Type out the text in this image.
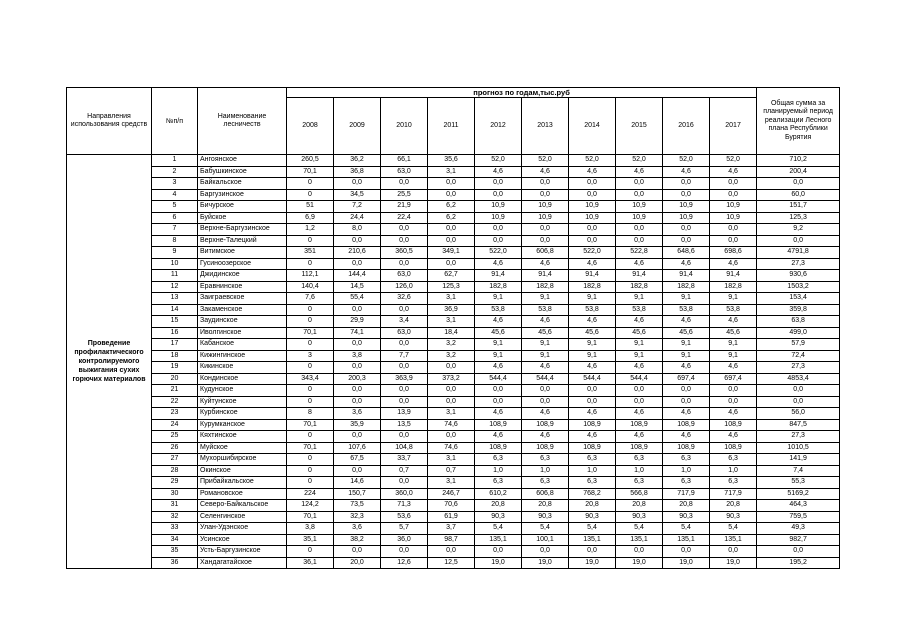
Направления использования средств	№п/п	Наименование лесничеств	прогноз по годам,тыс.руб										Общая сумма за планируемый период реализации Лесного плана Республики Бурятия
			2008	2009	2010	2011	2012	2013	2014	2015	2016	2017	
Проведение профилактического контролируемого выжигания сухих горючих материалов	1	Ангоянское	260,5	36,2	66,1	35,6	52,0	52,0	52,0	52,0	52,0	52,0	710,2
	2	Бабушкинское	70,1	36,8	63,0	3,1	4,6	4,6	4,6	4,6	4,6	4,6	200,4
	3	Байкальское	0	0,0	0,0	0,0	0,0	0,0	0,0	0,0	0,0	0,0	0,0
	4	Баргузинское	0	34,5	25,5	0,0	0,0	0,0	0,0	0,0	0,0	0,0	60,0
	5	Бичурское	51	7,2	21,9	6,2	10,9	10,9	10,9	10,9	10,9	10,9	151,7
	6	Буйское	6,9	24,4	22,4	6,2	10,9	10,9	10,9	10,9	10,9	10,9	125,3
	7	Верхне-Баргузинское	1,2	8,0	0,0	0,0	0,0	0,0	0,0	0,0	0,0	0,0	9,2
	8	Верхне-Талецкий	0	0,0	0,0	0,0	0,0	0,0	0,0	0,0	0,0	0,0	0,0
	9	Витимское	351	210,6	360,5	349,1	522,0	606,8	522,0	522,8	648,6	698,6	4791,8
	10	Гусиноозерское	0	0,0	0,0	0,0	4,6	4,6	4,6	4,6	4,6	4,6	27,3
	11	Джидинское	112,1	144,4	63,0	62,7	91,4	91,4	91,4	91,4	91,4	91,4	930,6
	12	Еравнинское	140,4	14,5	126,0	125,3	182,8	182,8	182,8	182,8	182,8	182,8	1503,2
	13	Заиграевское	7,6	55,4	32,6	3,1	9,1	9,1	9,1	9,1	9,1	9,1	153,4
	14	Закаменское	0	0,0	0,0	36,9	53,8	53,8	53,8	53,8	53,8	53,8	359,8
	15	Заудинское	0	29,9	3,4	3,1	4,6	4,6	4,6	4,6	4,6	4,6	63,8
	16	Иволгинское	70,1	74,1	63,0	18,4	45,6	45,6	45,6	45,6	45,6	45,6	499,0
	17	Кабанское	0	0,0	0,0	3,2	9,1	9,1	9,1	9,1	9,1	9,1	57,9
	18	Кижингинское	3	3,8	7,7	3,2	9,1	9,1	9,1	9,1	9,1	9,1	72,4
	19	Кикинское	0	0,0	0,0	0,0	4,6	4,6	4,6	4,6	4,6	4,6	27,3
	20	Кондинское	343,4	200,3	363,9	373,2	544,4	544,4	544,4	544,4	697,4	697,4	4853,4
	21	Кудунское	0	0,0	0,0	0,0	0,0	0,0	0,0	0,0	0,0	0,0	0,0
	22	Куйтунское	0	0,0	0,0	0,0	0,0	0,0	0,0	0,0	0,0	0,0	0,0
	23	Курбинское	8	3,6	13,9	3,1	4,6	4,6	4,6	4,6	4,6	4,6	56,0
	24	Курумканское	70,1	35,9	13,5	74,6	108,9	108,9	108,9	108,9	108,9	108,9	847,5
	25	Кяхтинское	0	0,0	0,0	0,0	4,6	4,6	4,6	4,6	4,6	4,6	27,3
	26	Муйское	70,1	107,6	104,8	74,6	108,9	108,9	108,9	108,9	108,9	108,9	1010,5
	27	Мухоршибирское	0	67,5	33,7	3,1	6,3	6,3	6,3	6,3	6,3	6,3	141,9
	28	Окинское	0	0,0	0,7	0,7	1,0	1,0	1,0	1,0	1,0	1,0	7,4
	29	Прибайкальское	0	14,6	0,0	3,1	6,3	6,3	6,3	6,3	6,3	6,3	55,3
	30	Романовское	224	150,7	360,0	246,7	610,2	606,8	768,2	566,8	717,9	717,9	5169,2
	31	Северо-Байкальское	124,2	73,5	71,3	70,6	20,8	20,8	20,8	20,8	20,8	20,8	464,3
	32	Селенгинское	70,1	32,3	53,6	61,9	90,3	90,3	90,3	90,3	90,3	90,3	759,5
	33	Улан-Удэнское	3,8	3,6	5,7	3,7	5,4	5,4	5,4	5,4	5,4	5,4	49,3
	34	Усинское	35,1	38,2	36,0	98,7	135,1	100,1	135,1	135,1	135,1	135,1	982,7
	35	Усть-Баргузинское	0	0,0	0,0	0,0	0,0	0,0	0,0	0,0	0,0	0,0	0,0
	36	Хандагатайское	36,1	20,0	12,6	12,5	19,0	19,0	19,0	19,0	19,0	19,0	195,2
